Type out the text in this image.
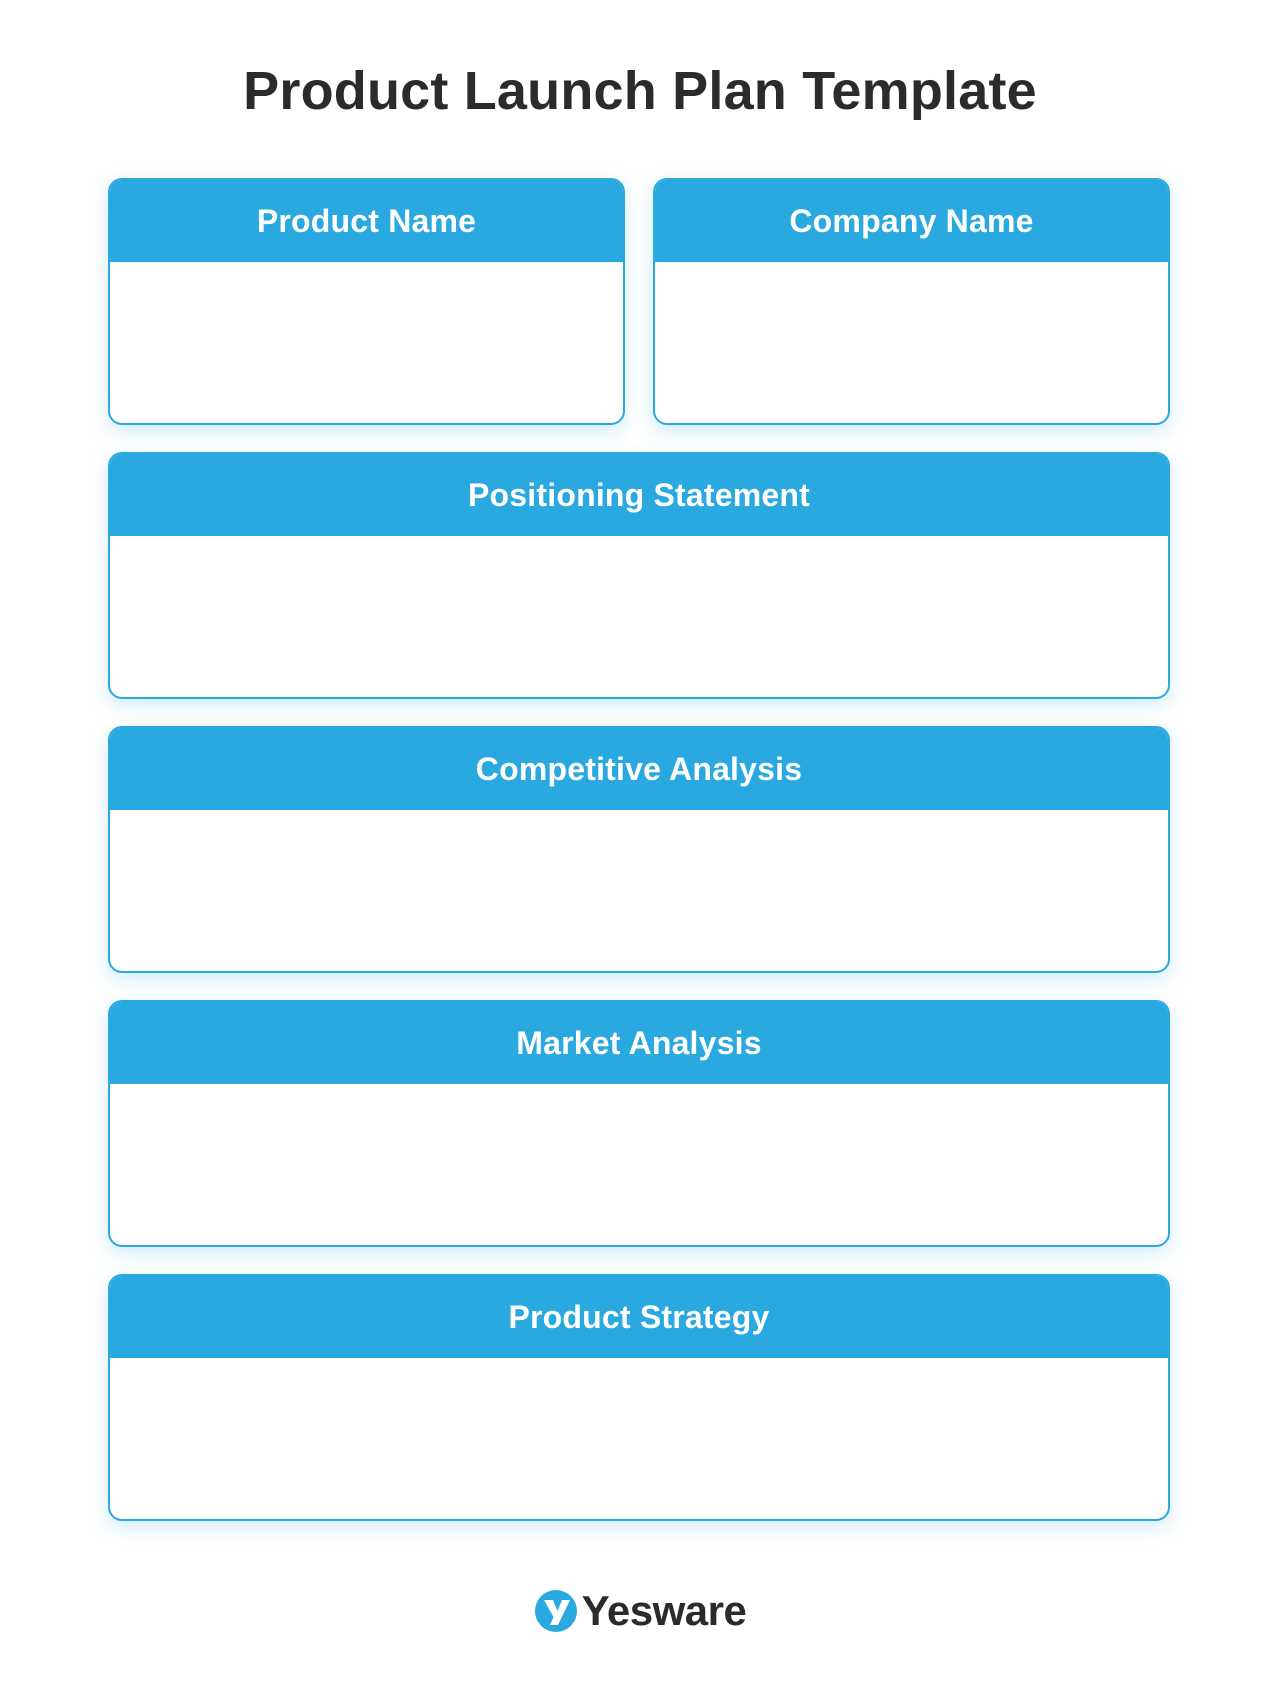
Product Launch Plan Template
Product Name	Company Name
Positioning Statement
Competitive Analysis
Market Analysis
Product Strategy
Yesware
